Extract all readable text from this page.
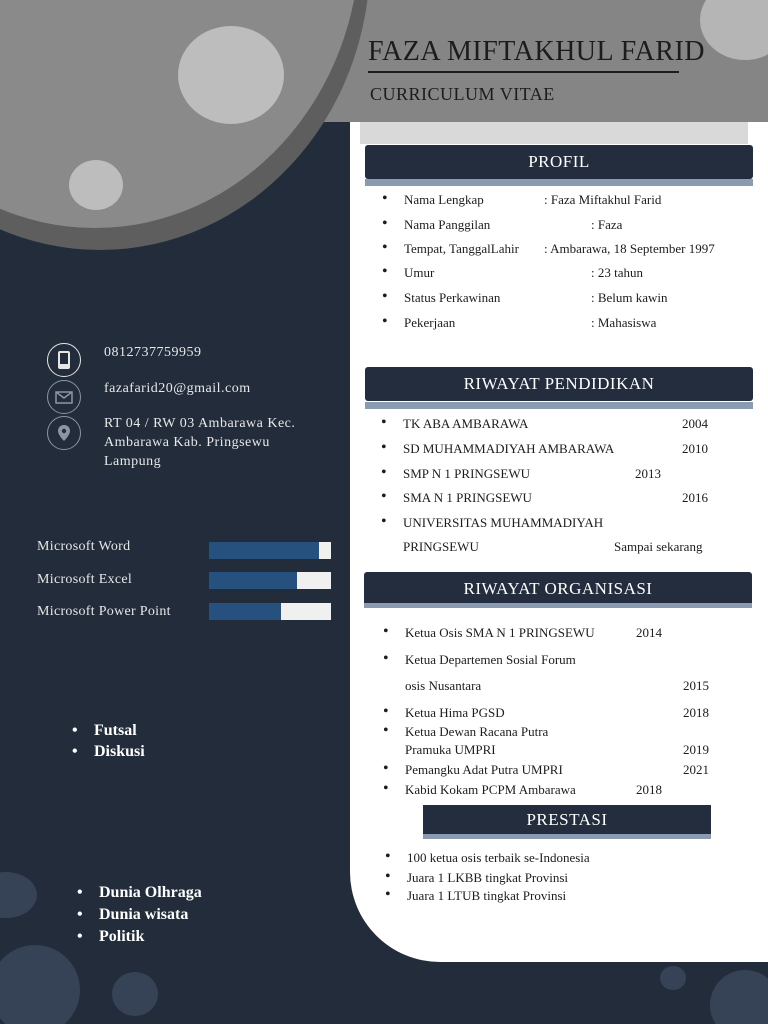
FAZA MIFTAKHUL FARID
CURRICULUM VITAE
0812737759959
fazafarid20@gmail.com
RT 04 / RW 03 Ambarawa Kec.
Ambarawa Kab. Pringsewu
Lampung
Microsoft Word
Microsoft Excel
Microsoft Power Point
• Futsal
• Diskusi
• Dunia Olhraga
• Dunia wisata
• Politik
PROFIL
• Nama Lengkap
• Nama Panggilan
• Tempat, TanggalLahir
• Umur
• Status Perkawinan
• Pekerjaan
: Faza Miftakhul Farid
: Faza
: Ambarawa, 18 September 1997
: 23 tahun
: Belum kawin
: Mahasiswa
RIWAYAT PENDIDIKAN
• TK ABA AMBARAWA
• SD MUHAMMADIYAH AMBARAWA
• SMP N 1 PRINGSEWU
• SMA N 1 PRINGSEWU
• UNIVERSITAS MUHAMMADIYAH
PRINGSEWU
2004
2010
2013
2016
Sampai sekarang
RIWAYAT ORGANISASI
• Ketua Osis SMA N 1 PRINGSEWU
• Ketua Departemen Sosial Forum
osis Nusantara
• Ketua Hima PGSD
• Ketua Dewan Racana Putra
Pramuka UMPRI
• Pemangku Adat Putra UMPRI
• Kabid Kokam PCPM Ambarawa
2014
2015
2018
2019
2021
2018
PRESTASI
• 100 ketua osis terbaik se-Indonesia
• Juara 1 LKBB tingkat Provinsi
• Juara 1 LTUB tingkat Provinsi
